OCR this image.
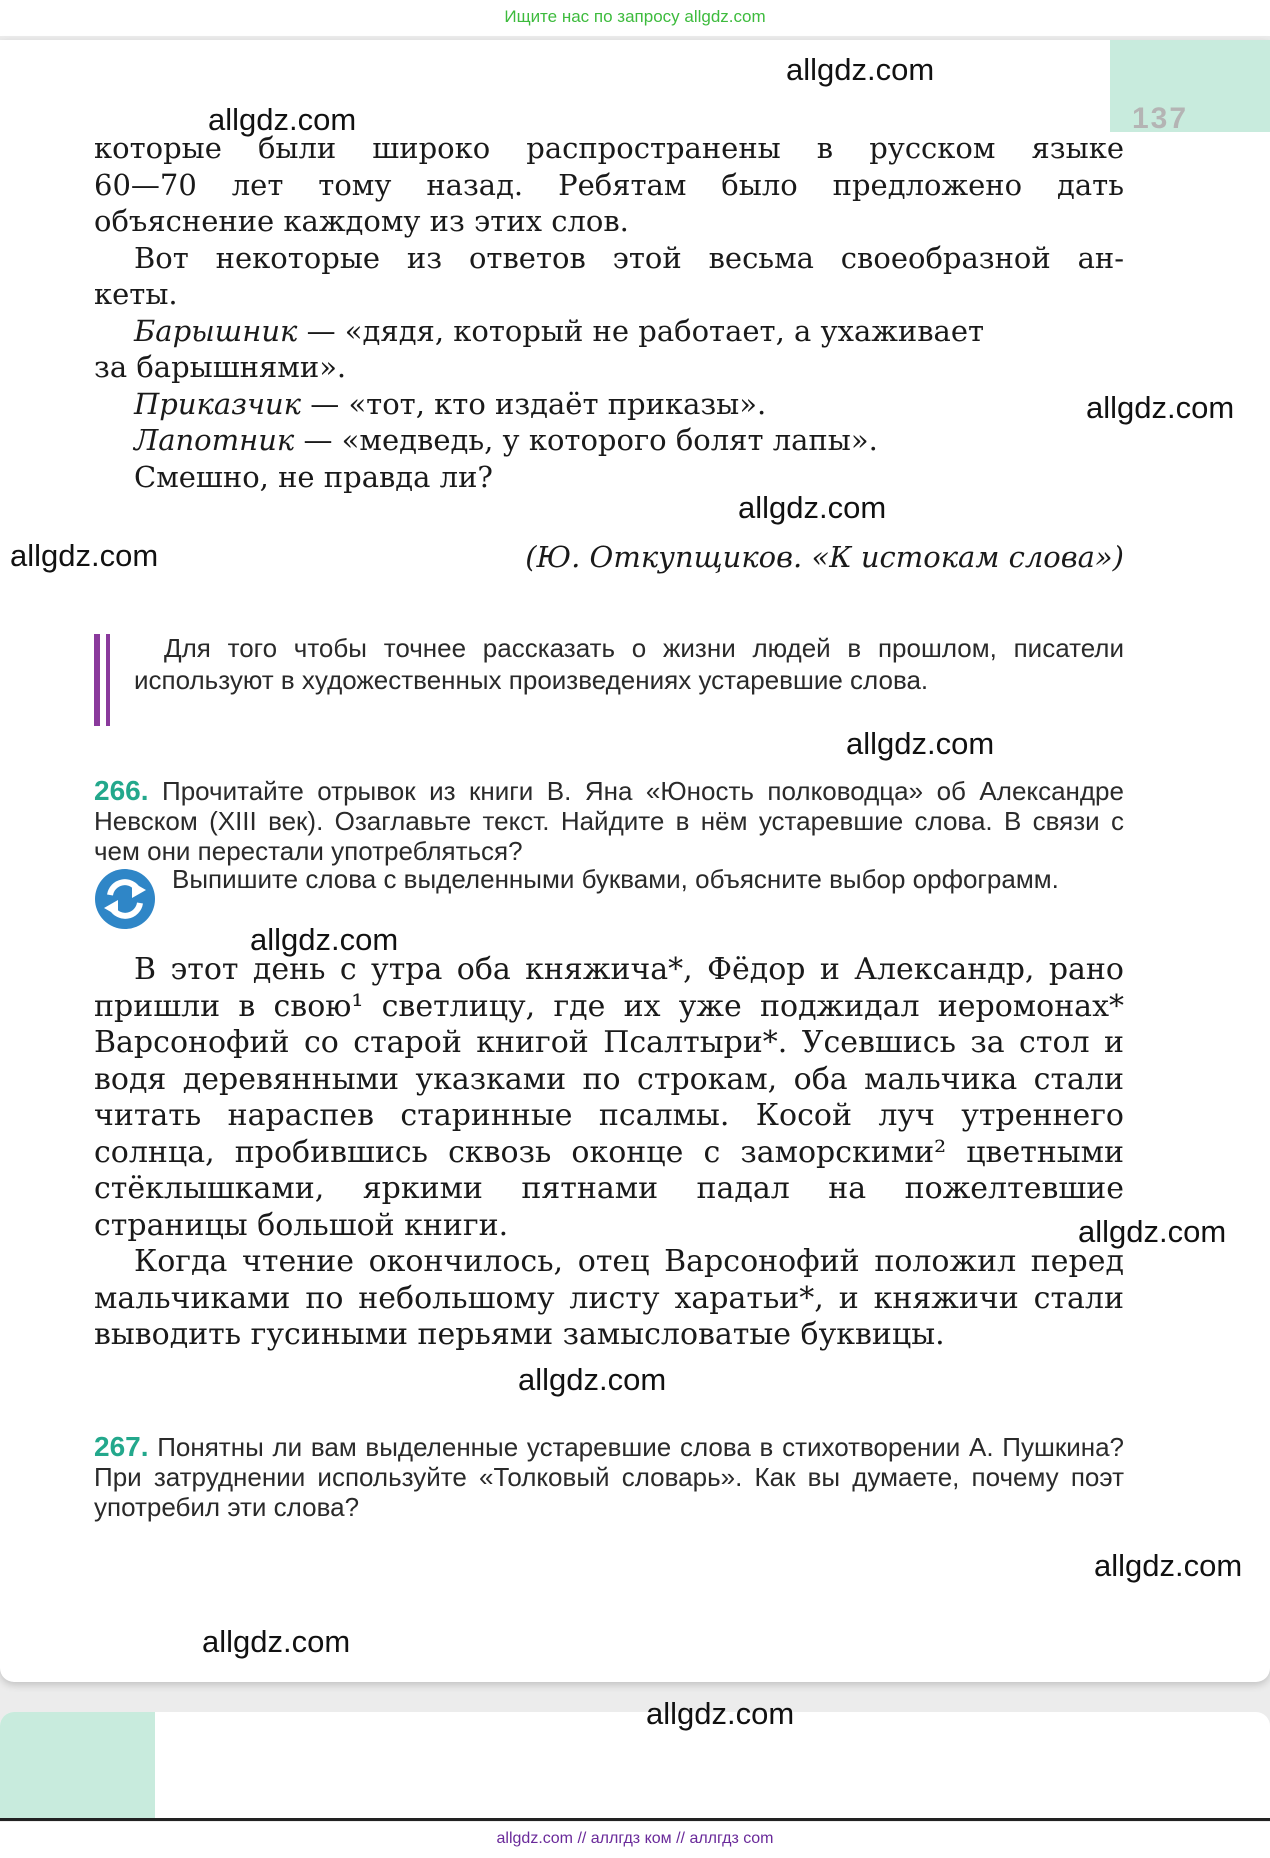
Ищите нас по запросу allgdz.com
137
которые были широко распространены в русском языке
60—70 лет тому назад. Ребятам было предложено дать
объяснение каждому из этих слов.
Вот некоторые из ответов этой весьма своеобразной ан-
кеты.
Барышник — «дядя, который не работает, а ухаживает
за барышнями».
Приказчик — «тот, кто издаёт приказы».
Лапотник — «медведь, у которого болят лапы».
Смешно, не правда ли?
(Ю. Откупщиков. «К истокам слова»)
Для того чтобы точнее рассказать о жизни людей в прошлом, писатели используют в художественных произведениях устаревшие слова.
266. Прочитайте отрывок из книги В. Яна «Юность полководца» об Александре Невском (XIII век). Озаглавьте текст. Найдите в нём устаревшие слова. В связи с чем они перестали употребляться?
Выпишите слова с выделенными буквами, объясните выбор орфограмм.
В этот день с утра оба княжича*, Фёдор и Александр, рано пришли в свою¹ светлицу, где их уже поджидал иеромонах* Варсонофий со старой книгой Псалтыри*. Усевшись за стол и водя деревянными указками по строкам, оба мальчика стали читать нараспев старинные псалмы. Косой луч утреннего солнца, пробившись сквозь оконце с заморскими² цветными стёклышками, яркими пятнами падал на пожелтевшие страницы большой книги.
Когда чтение окончилось, отец Варсонофий положил перед мальчиками по небольшому листу харатьи*, и княжичи стали выводить гусиными перьями замысловатые буквицы.
267. Понятны ли вам выделенные устаревшие слова в стихотворении А. Пушкина? При затруднении используйте «Толковый словарь». Как вы думаете, почему поэт употребил эти слова?
allgdz.com
allgdz.com
allgdz.com
allgdz.com
allgdz.com
allgdz.com
allgdz.com
allgdz.com
allgdz.com
allgdz.com
allgdz.com
allgdz.com
allgdz.com // аллгдз ком // аллгдз com
